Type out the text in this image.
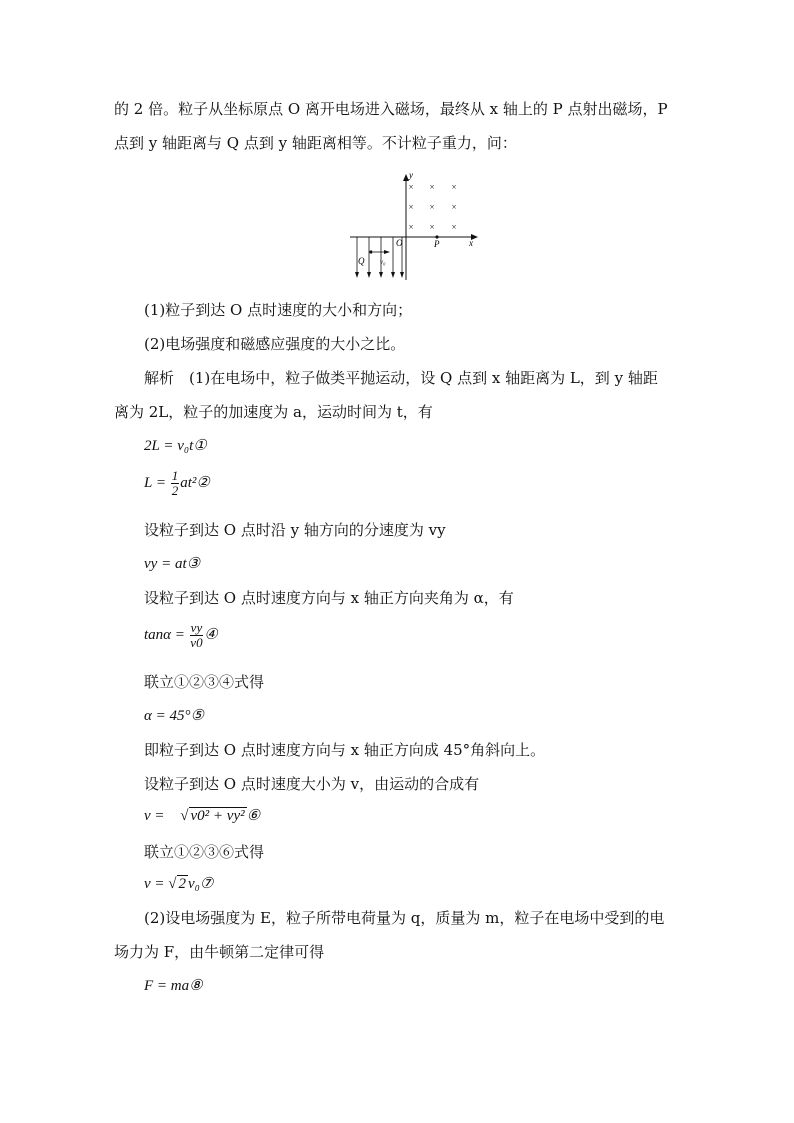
的 2 倍。粒子从坐标原点 O 离开电场进入磁场，最终从 x 轴上的 P 点射出磁场，P
点到 y 轴距离与 Q 点到 y 轴距离相等。不计粒子重力，问：
y
x
O	P
× × ×
× × ×
× × ×
Q v₀
(1)粒子到达 O 点时速度的大小和方向；
(2)电场强度和磁感应强度的大小之比。
解析　(1)在电场中，粒子做类平抛运动，设 Q 点到 x 轴距离为 L，到 y 轴距
离为 2L，粒子的加速度为 a，运动时间为 t，有
2L = v₀t①
$L = \frac{1}{2}$ at²②
设粒子到达 O 点时沿 y 轴方向的分速度为 vy
vy = at③
设粒子到达 O 点时速度方向与 x 轴正方向夹角为 α，有
$\tan\alpha = \frac{vy}{v0}$ ④
联立①②③④式得
α = 45°⑤
即粒子到达 O 点时速度方向与 x 轴正方向成 45°角斜向上。
设粒子到达 O 点时速度大小为 v，由运动的合成有
v = √ v0² + vy² ⑥
联立①②③⑥式得
v = √ 2 v₀⑦
(2)设电场强度为 E，粒子所带电荷量为 q，质量为 m，粒子在电场中受到的电
场力为 F，由牛顿第二定律可得
F = ma⑧
